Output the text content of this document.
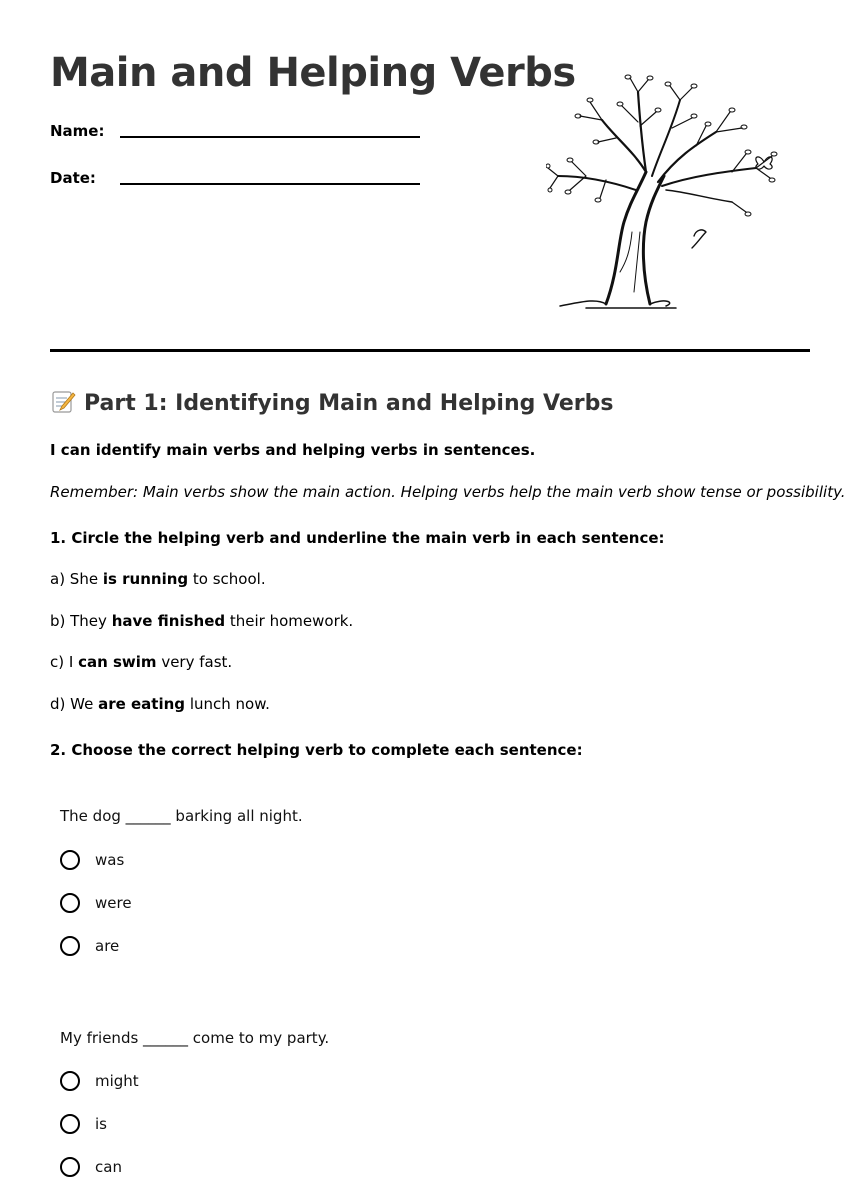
Main and Helping Verbs
Name:
Date:
Part 1: Identifying Main and Helping Verbs
I can identify main verbs and helping verbs in sentences.
Remember: Main verbs show the main action. Helping verbs help the main verb show tense or possibility.
1. Circle the helping verb and underline the main verb in each sentence:
a) She is running to school.
b) They have finished their homework.
c) I can swim very fast.
d) We are eating lunch now.
2. Choose the correct helping verb to complete each sentence:
The dog ______ barking all night.
was
were
are
My friends ______ come to my party.
might
is
can
